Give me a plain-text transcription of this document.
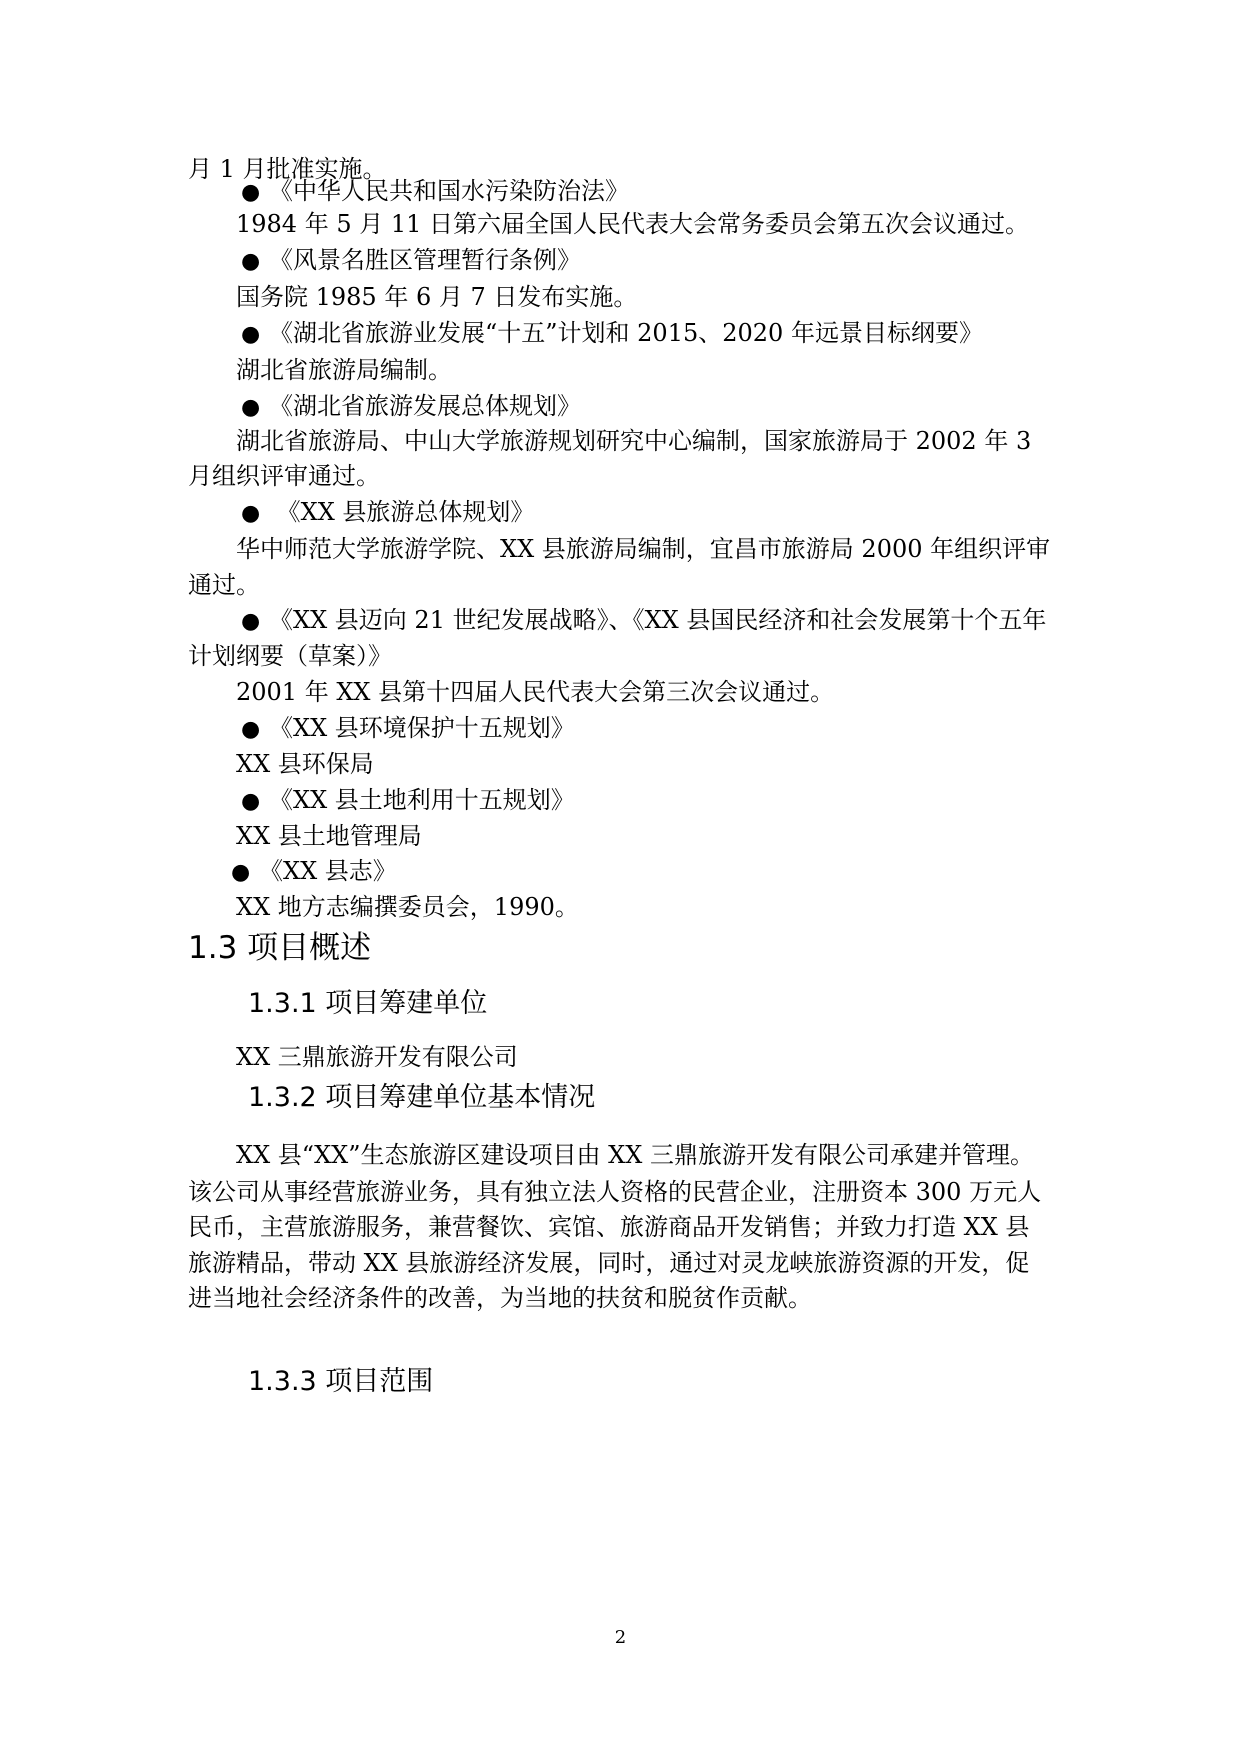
月 1 月批准实施。
● 《中华人民共和国水污染防治法》
1984 年 5 月 11 日第六届全国人民代表大会常务委员会第五次会议通过。
● 《风景名胜区管理暂行条例》
国务院 1985 年 6 月 7 日发布实施。
● 《湖北省旅游业发展“十五”计划和 2015、2020 年远景目标纲要》
湖北省旅游局编制。
● 《湖北省旅游发展总体规划》
湖北省旅游局、中山大学旅游规划研究中心编制，国家旅游局于 2002 年 3
月组织评审通过。
● 《XX 县旅游总体规划》
华中师范大学旅游学院、XX 县旅游局编制，宜昌市旅游局 2000 年组织评审
通过。
● 《XX 县迈向 21 世纪发展战略》、《XX 县国民经济和社会发展第十个五年
计划纲要（草案）》
2001 年 XX 县第十四届人民代表大会第三次会议通过。
● 《XX 县环境保护十五规划》
XX 县环保局
● 《XX 县土地利用十五规划》
XX 县土地管理局
● 《XX 县志》
XX 地方志编撰委员会，1990。
1.3 项目概述
1.3.1 项目筹建单位
XX 三鼎旅游开发有限公司
1.3.2 项目筹建单位基本情况
XX 县“XX”生态旅游区建设项目由 XX 三鼎旅游开发有限公司承建并管理。
该公司从事经营旅游业务，具有独立法人资格的民营企业，注册资本 300 万元人
民币，主营旅游服务，兼营餐饮、宾馆、旅游商品开发销售；并致力打造 XX 县
旅游精品，带动 XX 县旅游经济发展，同时，通过对灵龙峡旅游资源的开发，促
进当地社会经济条件的改善，为当地的扶贫和脱贫作贡献。
1.3.3 项目范围
2
